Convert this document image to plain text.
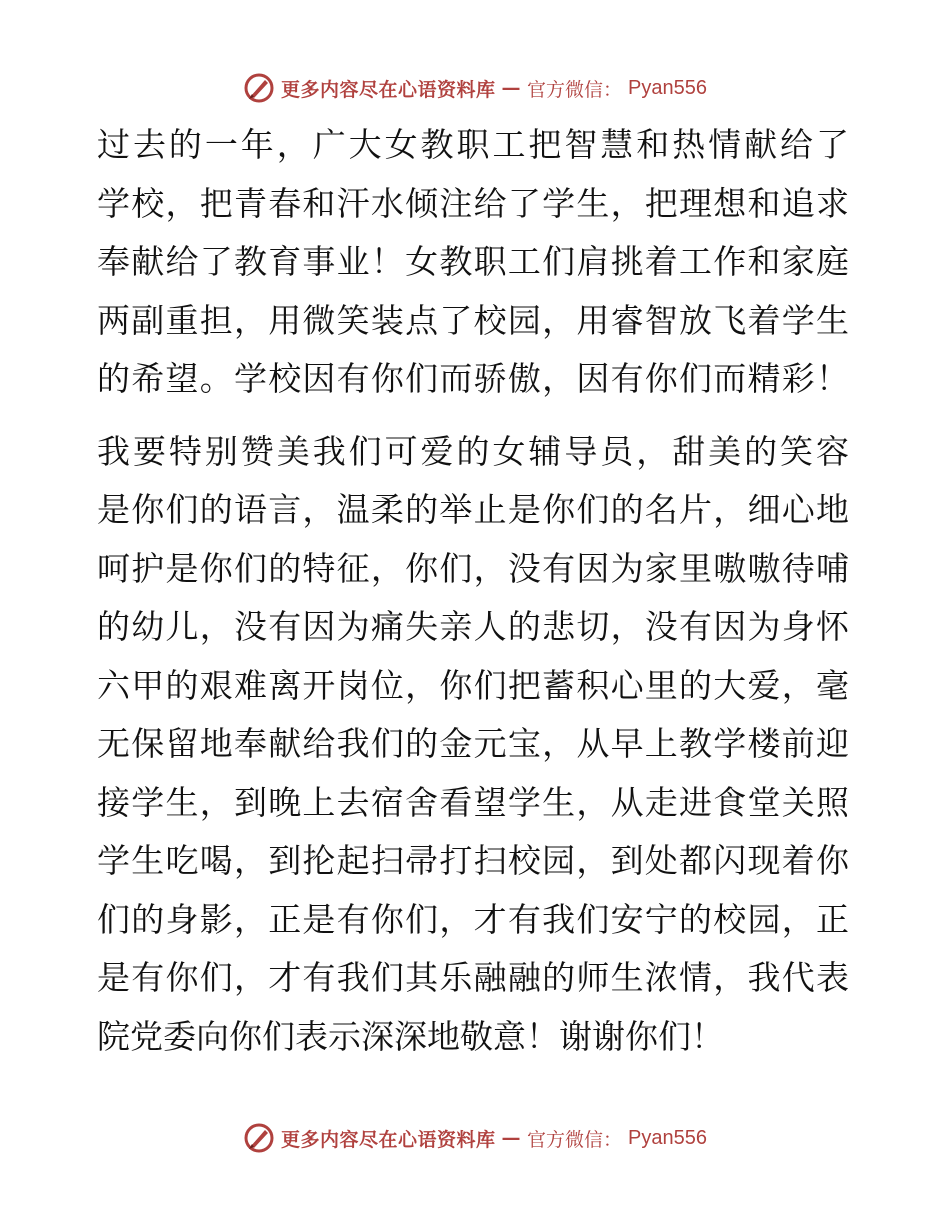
更多内容尽在心语资料库 — 官方微信： Pyan556
过去的一年，广大女教职工把智慧和热情献给了
学校，把青春和汗水倾注给了学生，把理想和追求
奉献给了教育事业！女教职工们肩挑着工作和家庭
两副重担，用微笑装点了校园，用睿智放飞着学生
的希望。学校因有你们而骄傲，因有你们而精彩！
我要特别赞美我们可爱的女辅导员，甜美的笑容
是你们的语言，温柔的举止是你们的名片，细心地
呵护是你们的特征，你们，没有因为家里嗷嗷待哺
的幼儿，没有因为痛失亲人的悲切，没有因为身怀
六甲的艰难离开岗位，你们把蓄积心里的大爱，毫
无保留地奉献给我们的金元宝，从早上教学楼前迎
接学生，到晚上去宿舍看望学生，从走进食堂关照
学生吃喝，到抡起扫帚打扫校园，到处都闪现着你
们的身影，正是有你们，才有我们安宁的校园，正
是有你们，才有我们其乐融融的师生浓情，我代表
院党委向你们表示深深地敬意！谢谢你们！
更多内容尽在心语资料库 — 官方微信： Pyan556
